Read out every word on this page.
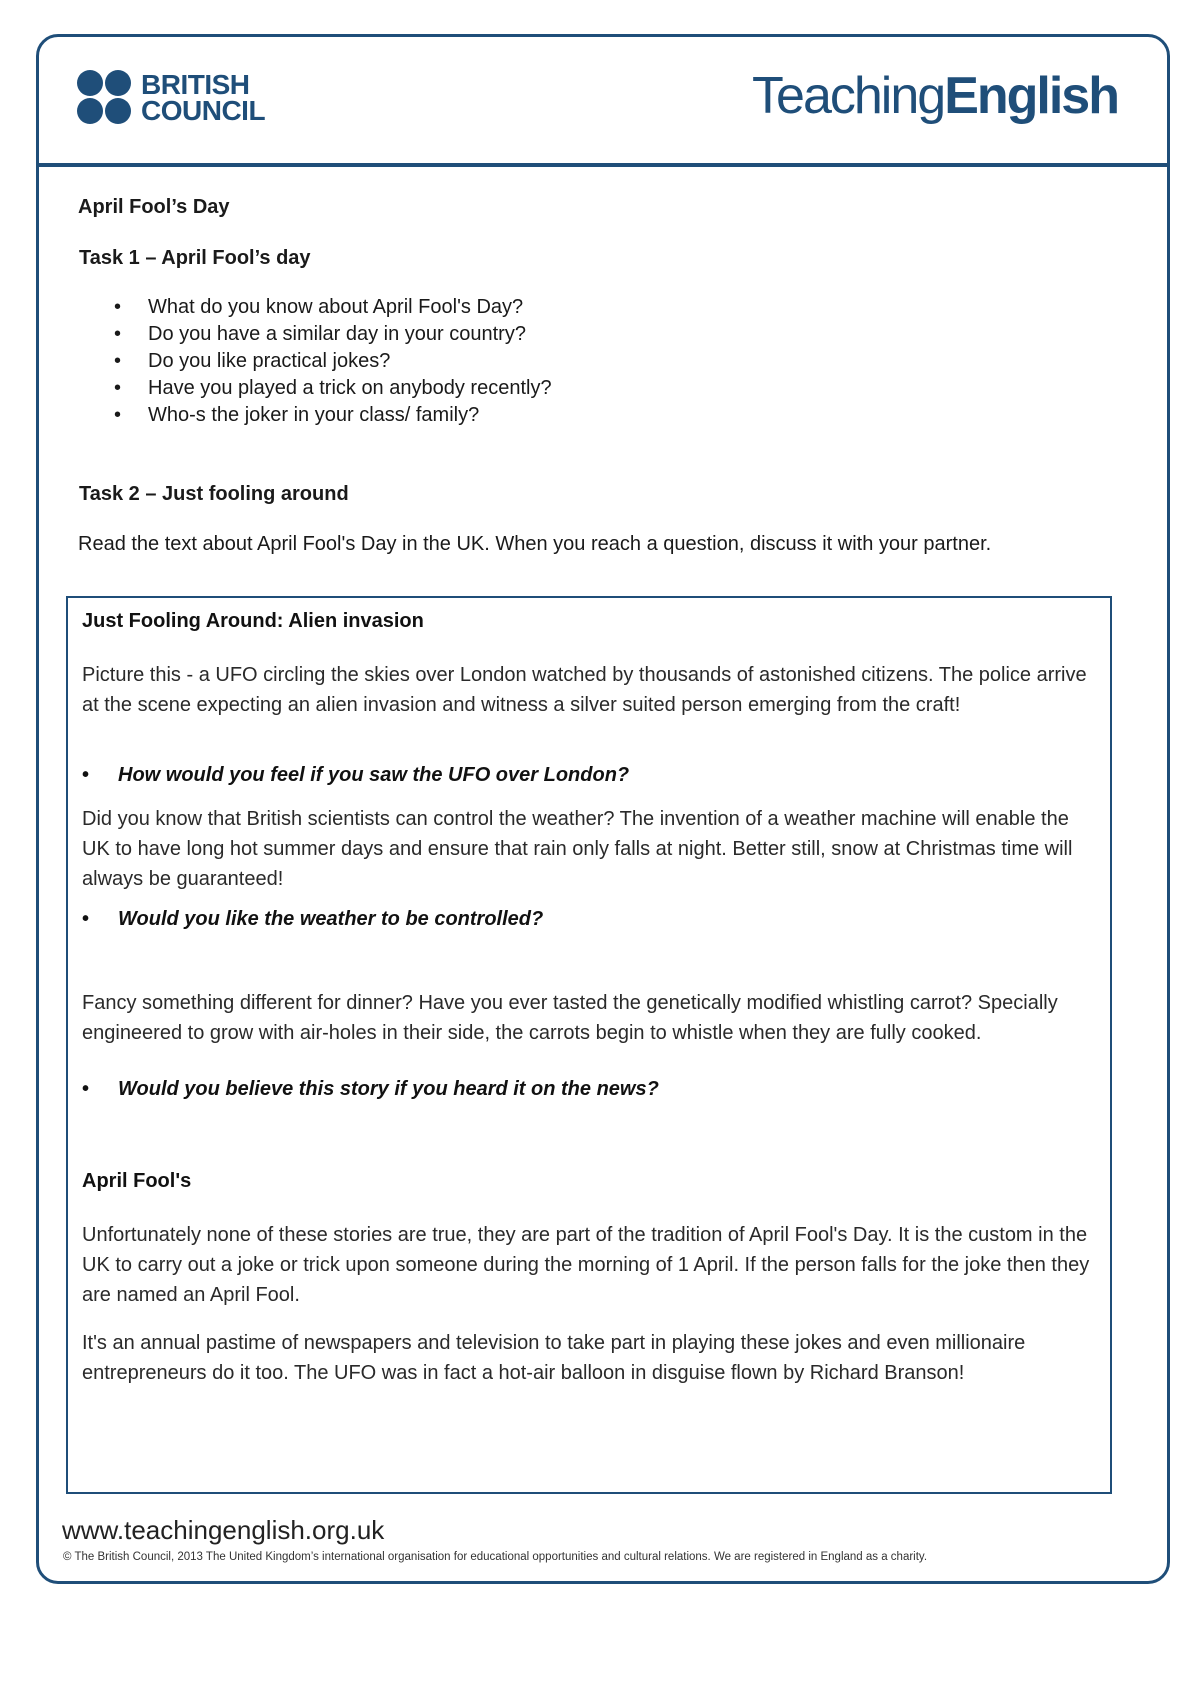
BRITISH
COUNCIL	TeachingEnglish
April Fool’s Day
Task 1 – April Fool’s day
• What do you know about April Fool's Day?
• Do you have a similar day in your country?
• Do you like practical jokes?
• Have you played a trick on anybody recently?
• Who-s the joker in your class/ family?
Task 2 – Just fooling around

Read the text about April Fool's Day in the UK. When you reach a question, discuss it with your partner.

Just Fooling Around: Alien invasion

Picture this - a UFO circling the skies over London watched by thousands of astonished citizens. The police arrive at the scene expecting an alien invasion and witness a silver suited person emerging from the craft!

• How would you feel if you saw the UFO over London?

Did you know that British scientists can control the weather? The invention of a weather machine will enable the UK to have long hot summer days and ensure that rain only falls at night. Better still, snow at Christmas time will always be guaranteed!

• Would you like the weather to be controlled?

Fancy something different for dinner? Have you ever tasted the genetically modified whistling carrot? Specially engineered to grow with air-holes in their side, the carrots begin to whistle when they are fully cooked.

• Would you believe this story if you heard it on the news?

April Fool's

Unfortunately none of these stories are true, they are part of the tradition of April Fool's Day. It is the custom in the UK to carry out a joke or trick upon someone during the morning of 1 April. If the person falls for the joke then they are named an April Fool.

It's an annual pastime of newspapers and television to take part in playing these jokes and even millionaire entrepreneurs do it too. The UFO was in fact a hot-air balloon in disguise flown by Richard Branson!

www.teachingenglish.org.uk
© The British Council, 2013 The United Kingdom’s international organisation for educational opportunities and cultural relations. We are registered in England as a charity.
